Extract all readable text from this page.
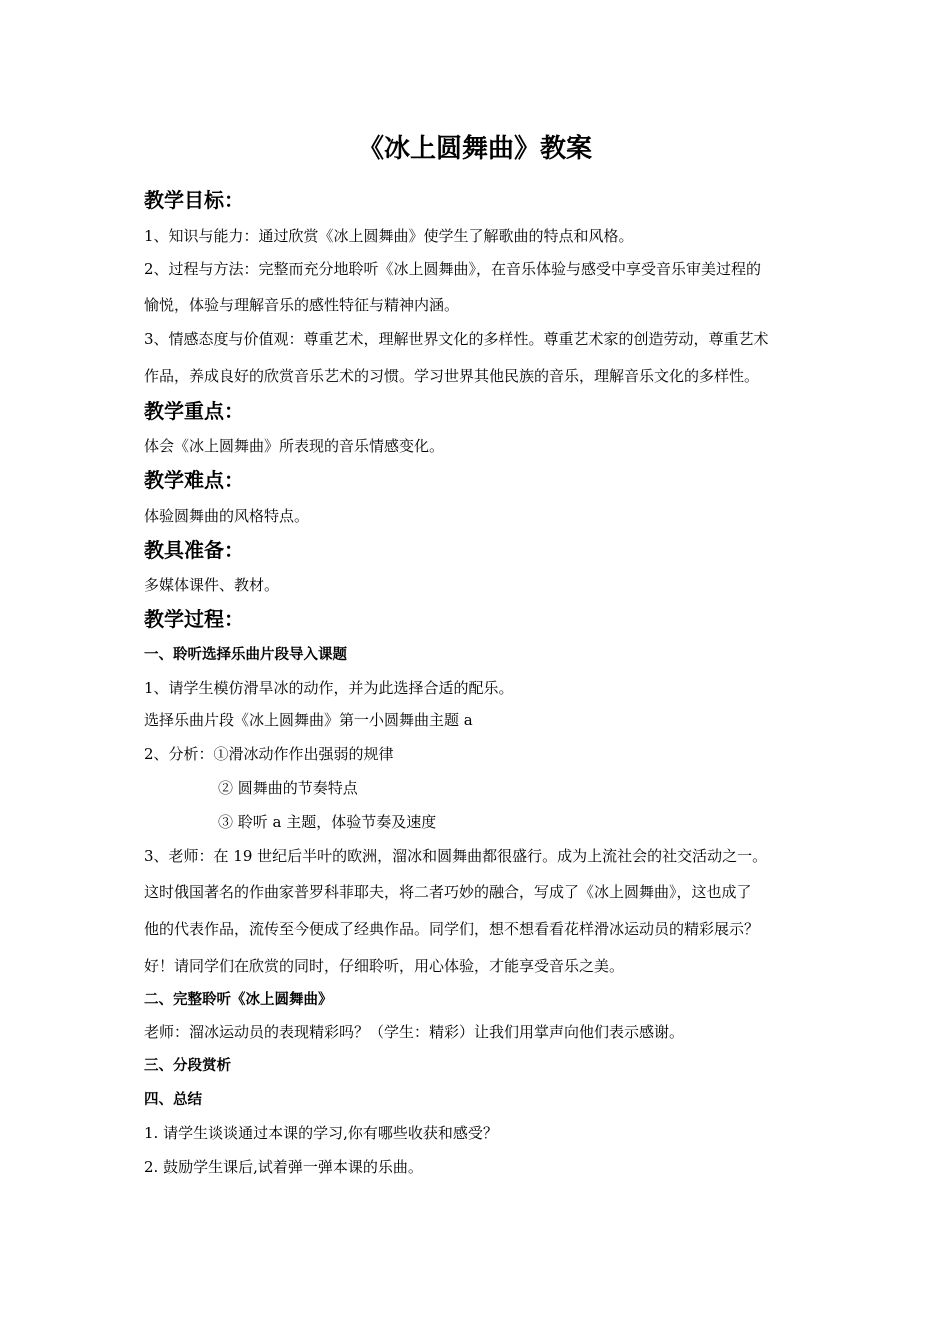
《冰上圆舞曲》教案
教学目标：
1、知识与能力：通过欣赏《冰上圆舞曲》使学生了解歌曲的特点和风格。
2、过程与方法：完整而充分地聆听《冰上圆舞曲》，在音乐体验与感受中享受音乐审美过程的
愉悦，体验与理解音乐的感性特征与精神内涵。
3、情感态度与价值观：尊重艺术，理解世界文化的多样性。尊重艺术家的创造劳动，尊重艺术
作品，养成良好的欣赏音乐艺术的习惯。学习世界其他民族的音乐，理解音乐文化的多样性。
教学重点：
体会《冰上圆舞曲》所表现的音乐情感变化。
教学难点：
体验圆舞曲的风格特点。
教具准备：
多媒体课件、教材。
教学过程：
一、聆听选择乐曲片段导入课题
1、请学生模仿滑旱冰的动作，并为此选择合适的配乐。
选择乐曲片段《冰上圆舞曲》第一小圆舞曲主题 a
2、分析：①滑冰动作作出强弱的规律
② 圆舞曲的节奏特点
③ 聆听 a 主题，体验节奏及速度
3、老师：在 19 世纪后半叶的欧洲，溜冰和圆舞曲都很盛行。成为上流社会的社交活动之一。
这时俄国著名的作曲家普罗科菲耶夫，将二者巧妙的融合，写成了《冰上圆舞曲》，这也成了
他的代表作品，流传至今便成了经典作品。同学们，想不想看看花样滑冰运动员的精彩展示？
好！请同学们在欣赏的同时，仔细聆听，用心体验，才能享受音乐之美。
二、完整聆听《冰上圆舞曲》
老师：溜冰运动员的表现精彩吗？（学生：精彩）让我们用掌声向他们表示感谢。
三、分段赏析
四、总结
1. 请学生谈谈通过本课的学习,你有哪些收获和感受？
2. 鼓励学生课后,试着弹一弹本课的乐曲。
